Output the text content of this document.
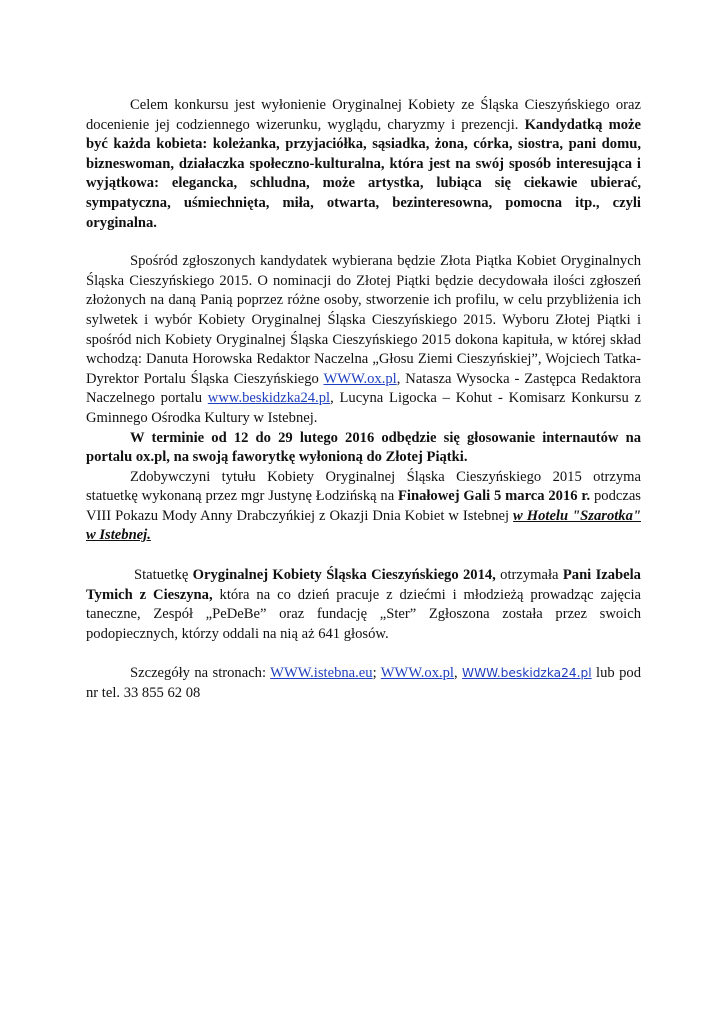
Celem konkursu jest wyłonienie Oryginalnej Kobiety ze Śląska Cieszyńskiego oraz docenienie jej codziennego wizerunku, wyglądu, charyzmy i prezencji. Kandydatką może być każda kobieta: koleżanka, przyjaciółka, sąsiadka, żona, córka, siostra, pani domu, bizneswoman, działaczka społeczno-kulturalna, która jest na swój sposób interesująca i wyjątkowa: elegancka, schludna, może artystka, lubiąca się ciekawie ubierać, sympatyczna, uśmiechnięta, miła, otwarta, bezinteresowna, pomocna itp., czyli oryginalna.

Spośród zgłoszonych kandydatek wybierana będzie Złota Piątka Kobiet Oryginalnych Śląska Cieszyńskiego 2015. O nominacji do Złotej Piątki będzie decydowała ilości zgłoszeń złożonych na daną Panią poprzez różne osoby, stworzenie ich profilu, w celu przybliżenia ich sylwetek i wybór Kobiety Oryginalnej Śląska Cieszyńskiego 2015. Wyboru Złotej Piątki i spośród nich Kobiety Oryginalnej Śląska Cieszyńskiego 2015 dokona kapituła, w której skład wchodzą: Danuta Horowska Redaktor Naczelna „Głosu Ziemi Cieszyńskiej”, Wojciech Tatka-Dyrektor Portalu Śląska Cieszyńskiego WWW.ox.pl, Natasza Wysocka - Zastępca Redaktora Naczelnego portalu www.beskidzka24.pl, Lucyna Ligocka – Kohut - Komisarz Konkursu z Gminnego Ośrodka Kultury w Istebnej.

W terminie od 12 do 29 lutego 2016 odbędzie się głosowanie internautów na portalu ox.pl, na swoją faworytkę wyłonioną do Złotej Piątki.

Zdobywczyni tytułu Kobiety Oryginalnej Śląska Cieszyńskiego 2015 otrzyma statuetkę wykonaną przez mgr Justynę Łodzińską na Finałowej Gali 5 marca 2016 r. podczas VIII Pokazu Mody Anny Drabczyńkiej z Okazji Dnia Kobiet w Istebnej w Hotelu "Szarotka" w Istebnej.

Statuetkę Oryginalnej Kobiety Śląska Cieszyńskiego 2014, otrzymała Pani Izabela Tymich z Cieszyna, która na co dzień pracuje z dziećmi i młodzieżą prowadząc zajęcia taneczne, Zespół „PeDeBe” oraz fundację „Ster” Zgłoszona została przez swoich podopiecznych, którzy oddali na nią aż 641 głosów.

Szczegóły na stronach: WWW.istebna.eu; WWW.ox.pl, WWW.beskidzka24.pl lub pod nr tel. 33 855 62 08
